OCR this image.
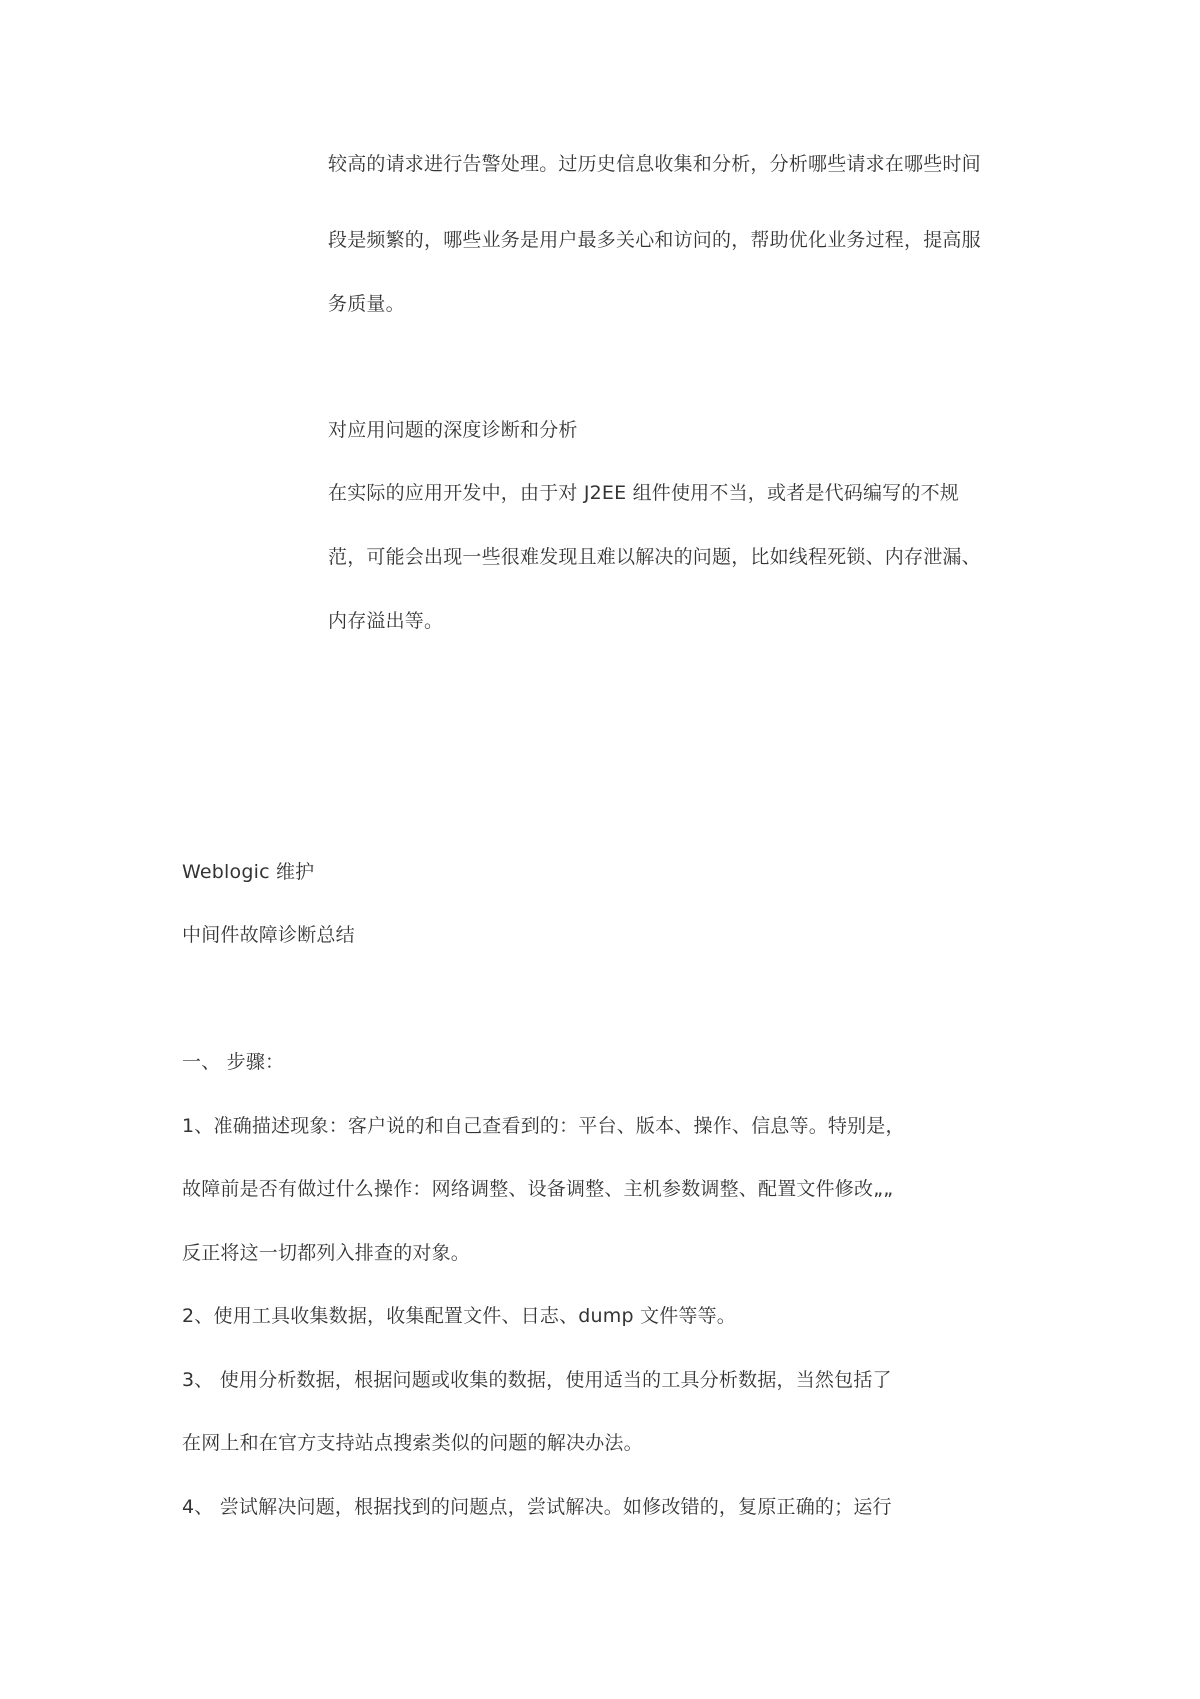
较高的请求进行告警处理。过历史信息收集和分析，分析哪些请求在哪些时间
段是频繁的，哪些业务是用户最多关心和访问的，帮助优化业务过程，提高服
务质量。
对应用问题的深度诊断和分析
在实际的应用开发中，由于对 J2EE 组件使用不当，或者是代码编写的不规
范，可能会出现一些很难发现且难以解决的问题，比如线程死锁、内存泄漏、
内存溢出等。
Weblogic 维护
中间件故障诊断总结
一、 步骤：
1、准确描述现象：客户说的和自己查看到的：平台、版本、操作、信息等。特别是，
故障前是否有做过什么操作：网络调整、设备调整、主机参数调整、配置文件修改„„
反正将这一切都列入排查的对象。
2、使用工具收集数据，收集配置文件、日志、dump 文件等等。
3、 使用分析数据，根据问题或收集的数据，使用适当的工具分析数据，当然包括了
在网上和在官方支持站点搜索类似的问题的解决办法。
4、 尝试解决问题，根据找到的问题点，尝试解决。如修改错的，复原正确的；运行
